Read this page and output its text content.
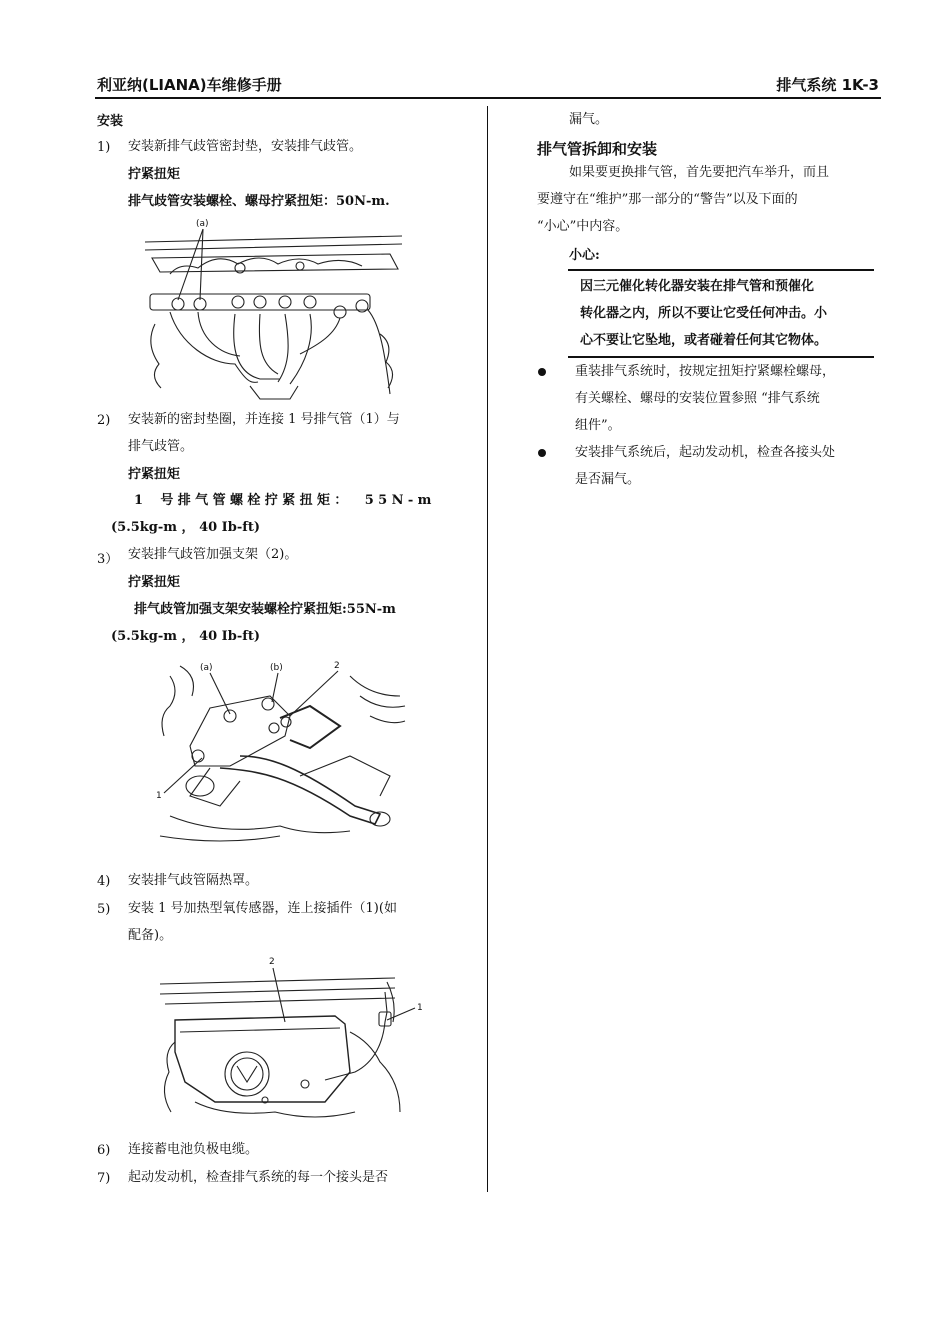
利亚纳(LIANA)车维修手册	排气系统 1K-3
安装
1) 安装新排气歧管密封垫，安装排气歧管。
拧紧扭矩
排气歧管安装螺栓、螺母拧紧扭矩：50N-m.
(a)
2) 安装新的密封垫圈，并连接 1 号排气管（1）与
排气歧管。
拧紧扭矩
1 号排气管螺栓拧紧扭矩： 55N-m
(5.5kg-m ， 40 Ib-ft)
3） 安装排气歧管加强支架（2)。
拧紧扭矩
排气歧管加强支架安装螺栓拧紧扭矩:55N-m
(5.5kg-m ， 40 Ib-ft)
(a)	(b)	2
1
4) 安装排气歧管隔热罩。
5) 安装 1 号加热型氧传感器，连上接插件（1)(如
配备)。
2
1
6) 连接蓄电池负极电缆。
7) 起动发动机，检查排气系统的每一个接头是否
漏气。
排气管拆卸和安装
如果要更换排气管，首先要把汽车举升，而且
要遵守在“维护”那一部分的“警告”以及下面的
“小心”中内容。
小心:
因三元催化转化器安装在排气管和预催化
转化器之内，所以不要让它受任何冲击。小
心不要让它坠地，或者碰着任何其它物体。
重装排气系统时，按规定扭矩拧紧螺栓螺母，
有关螺栓、螺母的安装位置参照 “排气系统
组件”。
安装排气系统后，起动发动机，检查各接头处
是否漏气。
